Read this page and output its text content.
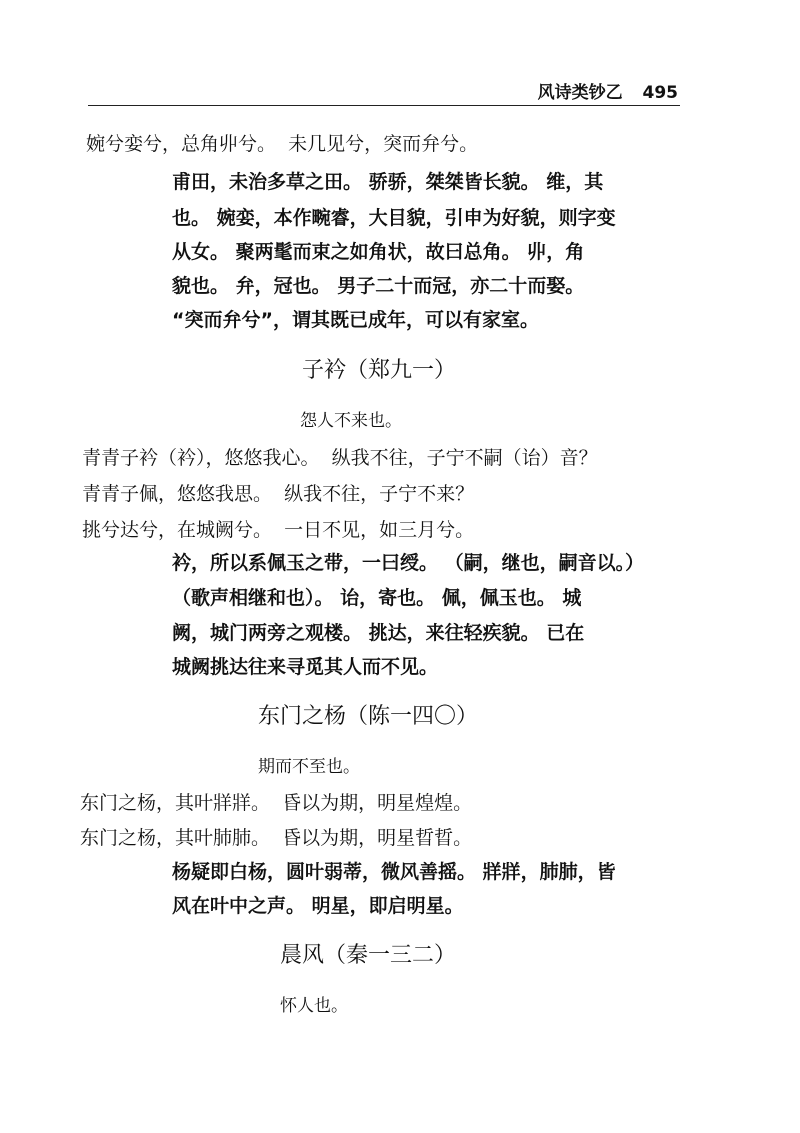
风诗类钞乙 495
婉兮娈兮，总角丱兮。  未几见兮，突而弁兮。
甫田，未治多草之田。 骄骄，桀桀皆长貌。 维，其
也。 婉娈，本作畹睿，大目貌，引申为好貌，则字变
从女。 聚两髦而束之如角状，故曰总角。 丱，角
貌也。 弁，冠也。 男子二十而冠，亦二十而娶。
“突而弁兮”，谓其既已成年，可以有家室。
子衿（郑九一）
怨人不来也。
青青子衿（衿），悠悠我心。  纵我不往，子宁不嗣（诒）音？
青青子佩，悠悠我思。  纵我不往，子宁不来？
挑兮达兮，在城阙兮。  一日不见，如三月兮。
衿，所以系佩玉之带，一曰绶。 （嗣，继也，嗣音以。）
（歌声相继和也）。 诒，寄也。 佩，佩玉也。 城
阙，城门两旁之观楼。 挑达，来往轻疾貌。 已在
城阙挑达往来寻觅其人而不见。
东门之杨（陈一四〇）
期而不至也。
东门之杨，其叶牂牂。  昏以为期，明星煌煌。
东门之杨，其叶肺肺。  昏以为期，明星晢晢。
杨疑即白杨，圆叶弱蒂，微风善摇。 牂牂，肺肺，皆
风在叶中之声。 明星，即启明星。
晨风（秦一三二）
怀人也。
